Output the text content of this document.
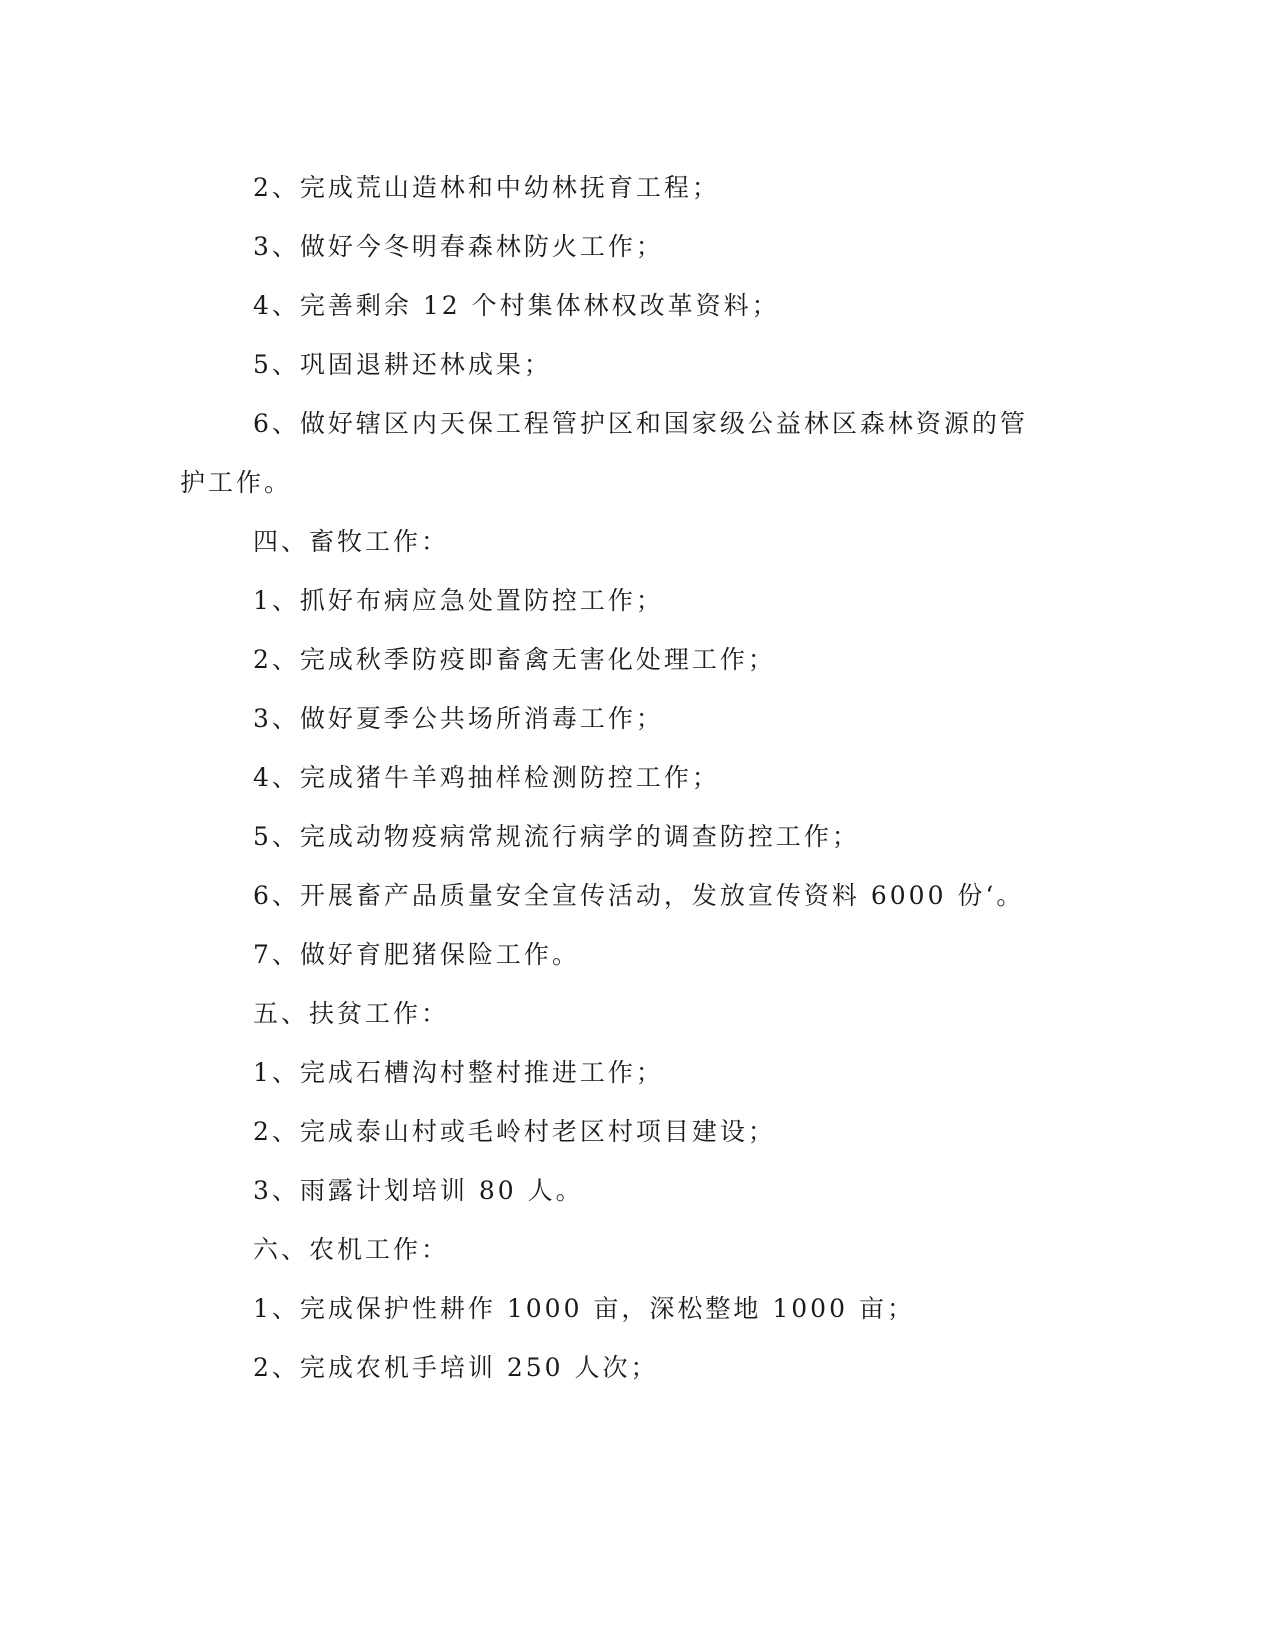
2、完成荒山造林和中幼林抚育工程；

3、做好今冬明春森林防火工作；

4、完善剩余 12 个村集体林权改革资料；

5、巩固退耕还林成果；

6、做好辖区内天保工程管护区和国家级公益林区森林资源的管

护工作。

四、畜牧工作：

1、抓好布病应急处置防控工作；

2、完成秋季防疫即畜禽无害化处理工作；

3、做好夏季公共场所消毒工作；

4、完成猪牛羊鸡抽样检测防控工作；

5、完成动物疫病常规流行病学的调查防控工作；

6、开展畜产品质量安全宣传活动，发放宣传资料 6000 份‘。

7、做好育肥猪保险工作。

五、扶贫工作：

1、完成石槽沟村整村推进工作；

2、完成泰山村或毛岭村老区村项目建设；

3、雨露计划培训 80 人。

六、农机工作：

1、完成保护性耕作 1000 亩，深松整地 1000 亩；

2、完成农机手培训 250 人次；
